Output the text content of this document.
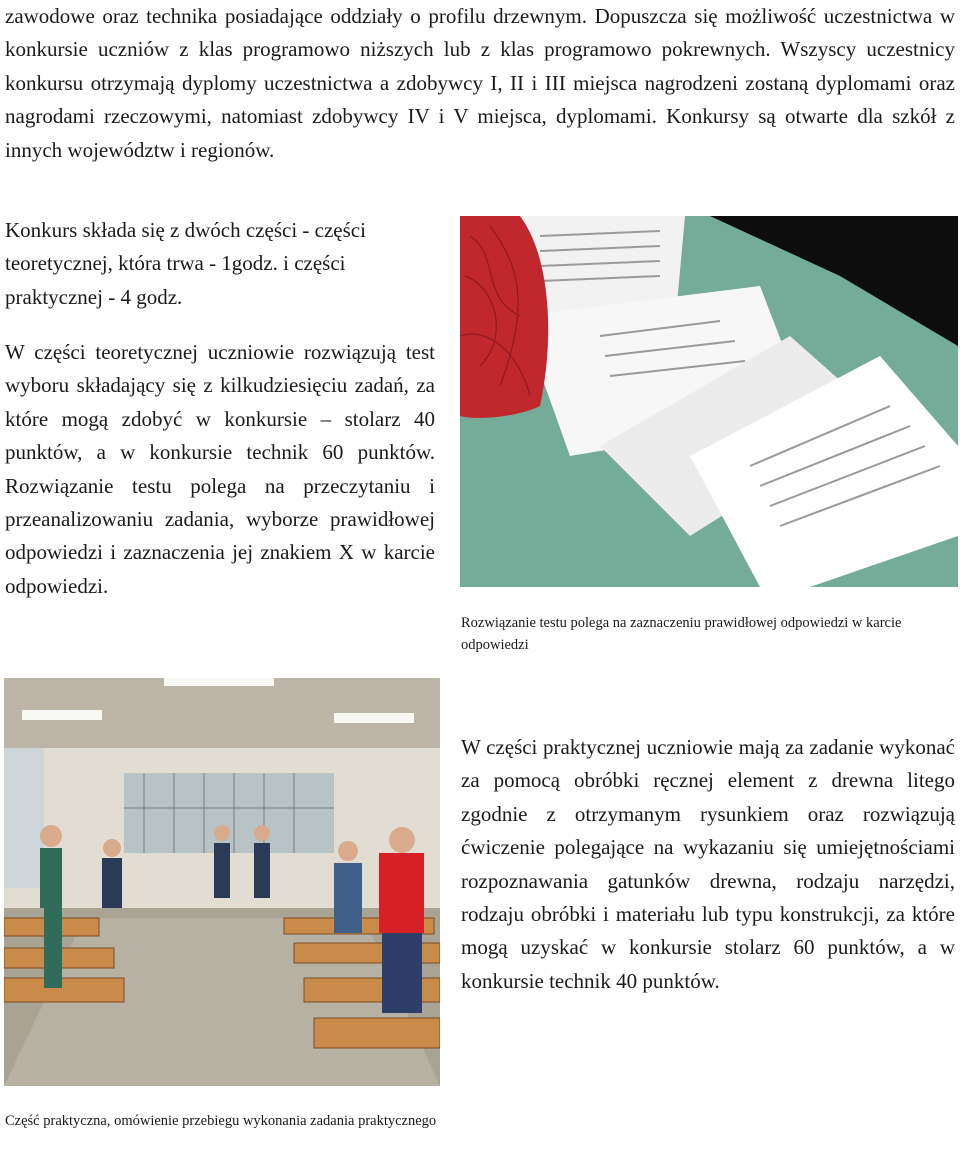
zawodowe oraz technika posiadające oddziały o profilu drzewnym. Dopuszcza się możliwość uczestnictwa w konkursie uczniów z klas programowo niższych lub z klas programowo pokrewnych. Wszyscy uczestnicy konkursu otrzymają dyplomy uczestnictwa a zdobywcy I, II i III miejsca nagrodzeni zostaną dyplomami oraz nagrodami rzeczowymi, natomiast zdobywcy IV i V miejsca, dyplomami. Konkursy są otwarte dla szkół z innych województw i regionów.

Konkurs składa się z dwóch części - części teoretycznej, która trwa - 1godz. i części praktycznej - 4 godz.

W części teoretycznej uczniowie rozwiązują test wyboru składający się z kilkudziesięciu zadań, za które mogą zdobyć w konkursie – stolarz 40 punktów, a w konkursie technik 60 punktów. Rozwiązanie testu polega na przeczytaniu i przeanalizowaniu zadania, wyborze prawidłowej odpowiedzi i zaznaczenia jej znakiem X w karcie odpowiedzi.

Rozwiązanie testu polega na zaznaczeniu prawidłowej odpowiedzi w karcie odpowiedzi

W części praktycznej uczniowie mają za zadanie wykonać za pomocą obróbki ręcznej element z drewna litego zgodnie z otrzymanym rysunkiem oraz rozwiązują ćwiczenie polegające na wykazaniu się umiejętnościami rozpoznawania gatunków drewna, rodzaju narzędzi, rodzaju obróbki i materiału lub typu konstrukcji, za które mogą uzyskać w konkursie stolarz 60 punktów, a w konkursie technik 40 punktów.

Część praktyczna, omówienie przebiegu wykonania zadania praktycznego
